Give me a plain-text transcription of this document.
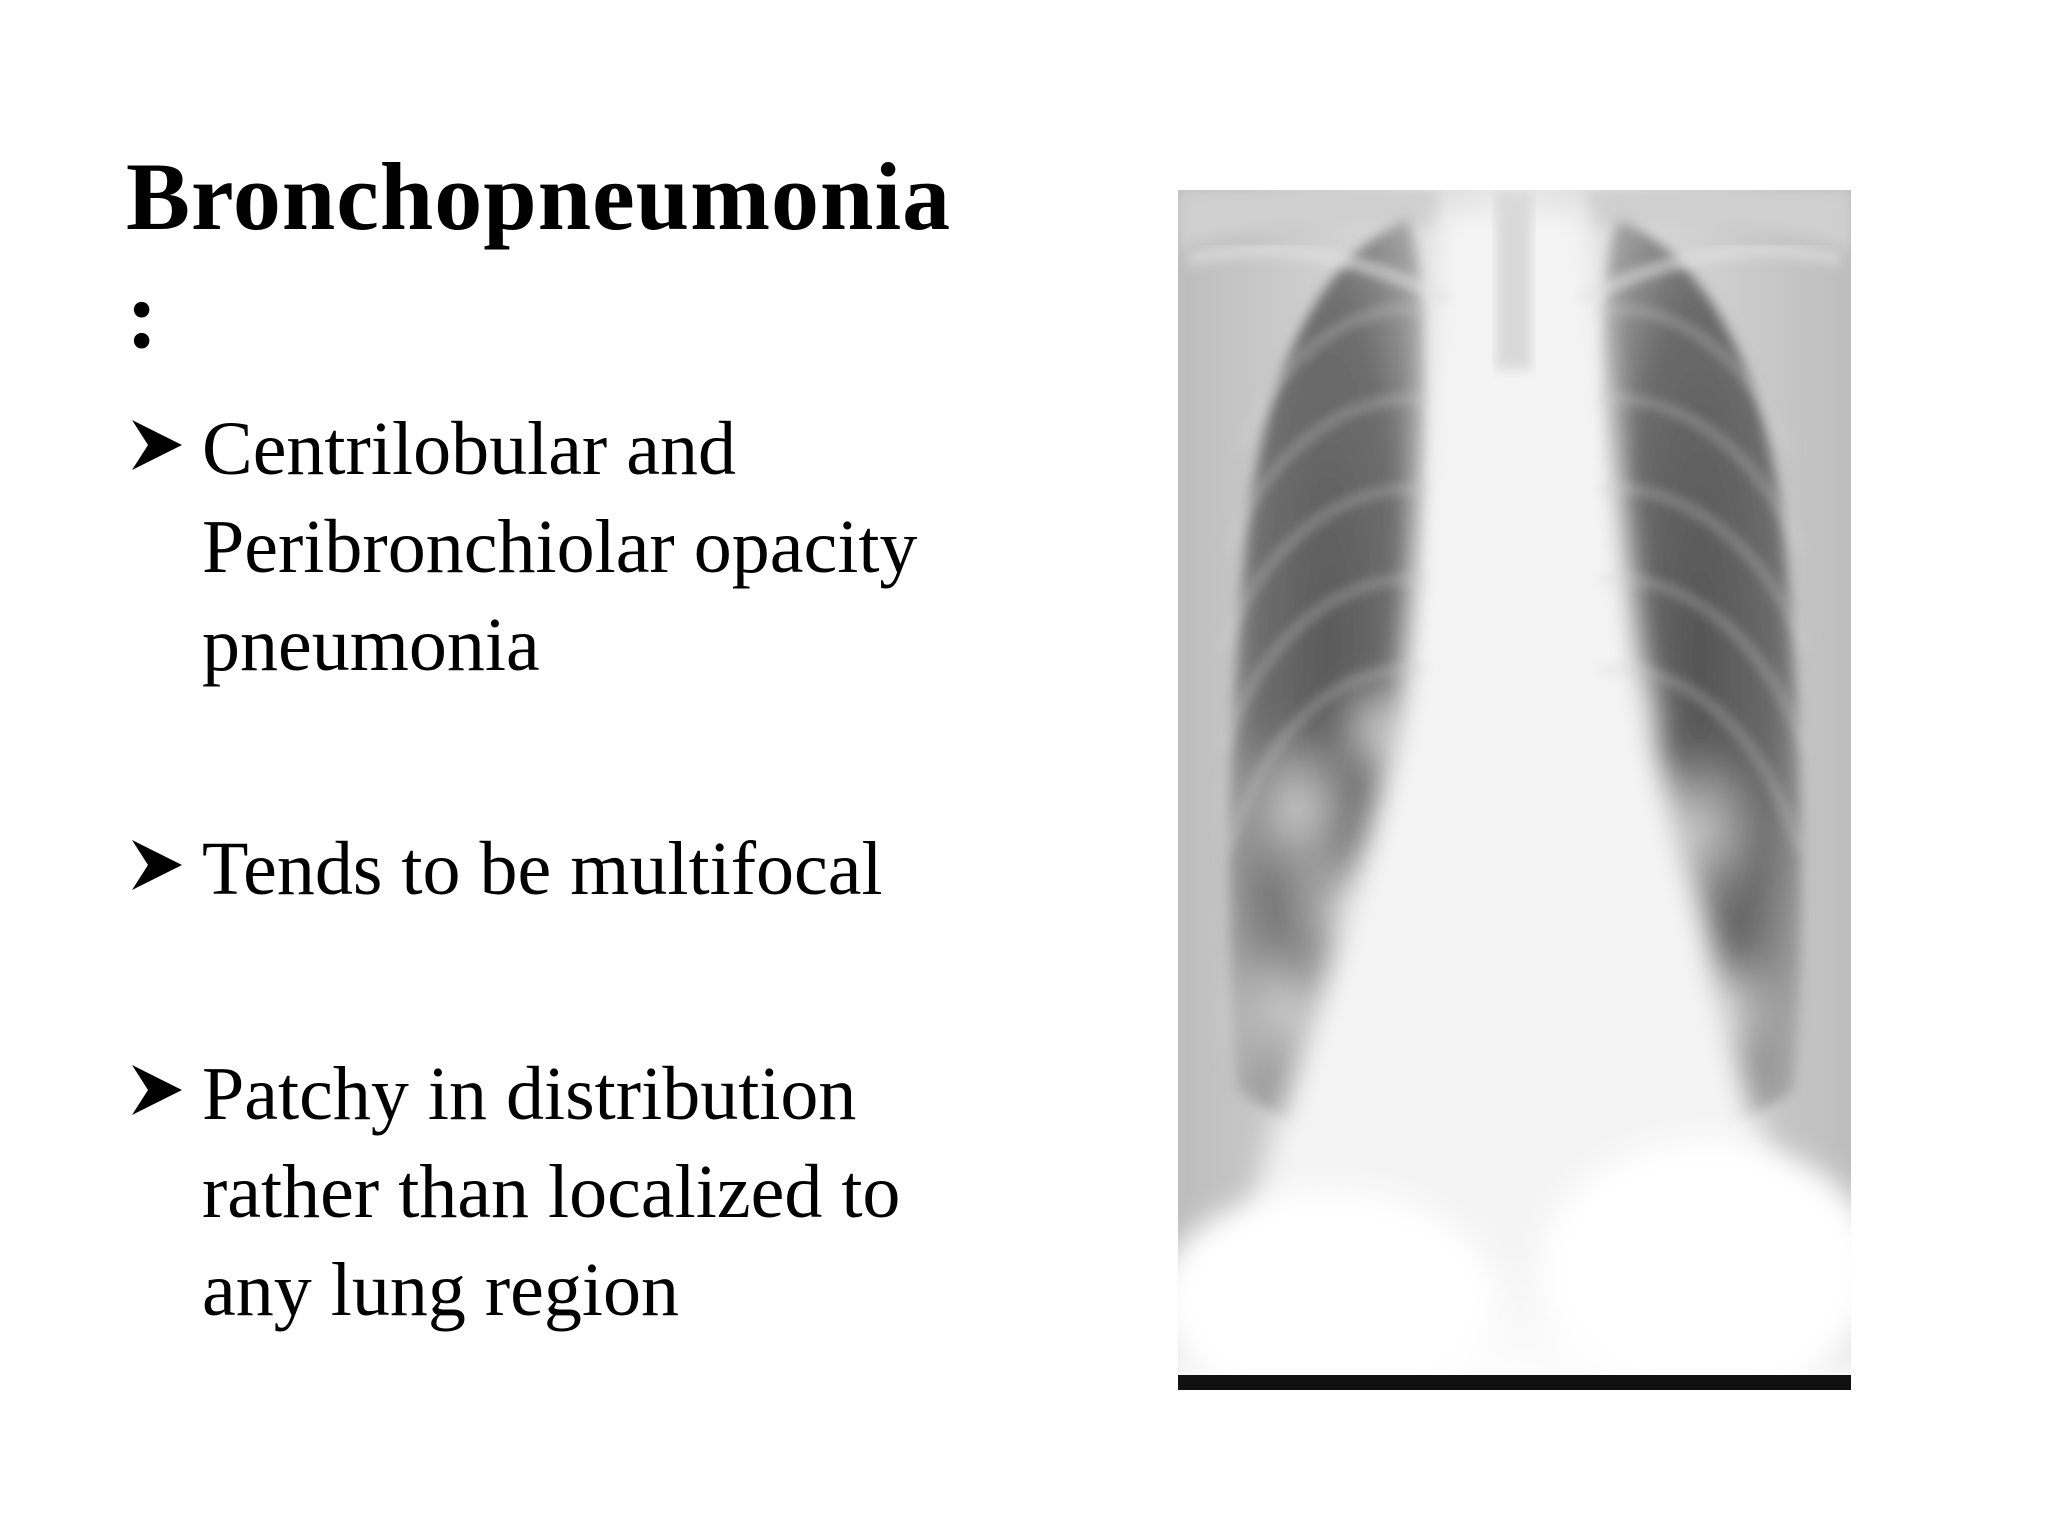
Bronchopneumonia
:
Centrilobular and
Peribronchiolar opacity
pneumonia
Tends to be multifocal
Patchy in distribution
rather than localized to
any lung region
